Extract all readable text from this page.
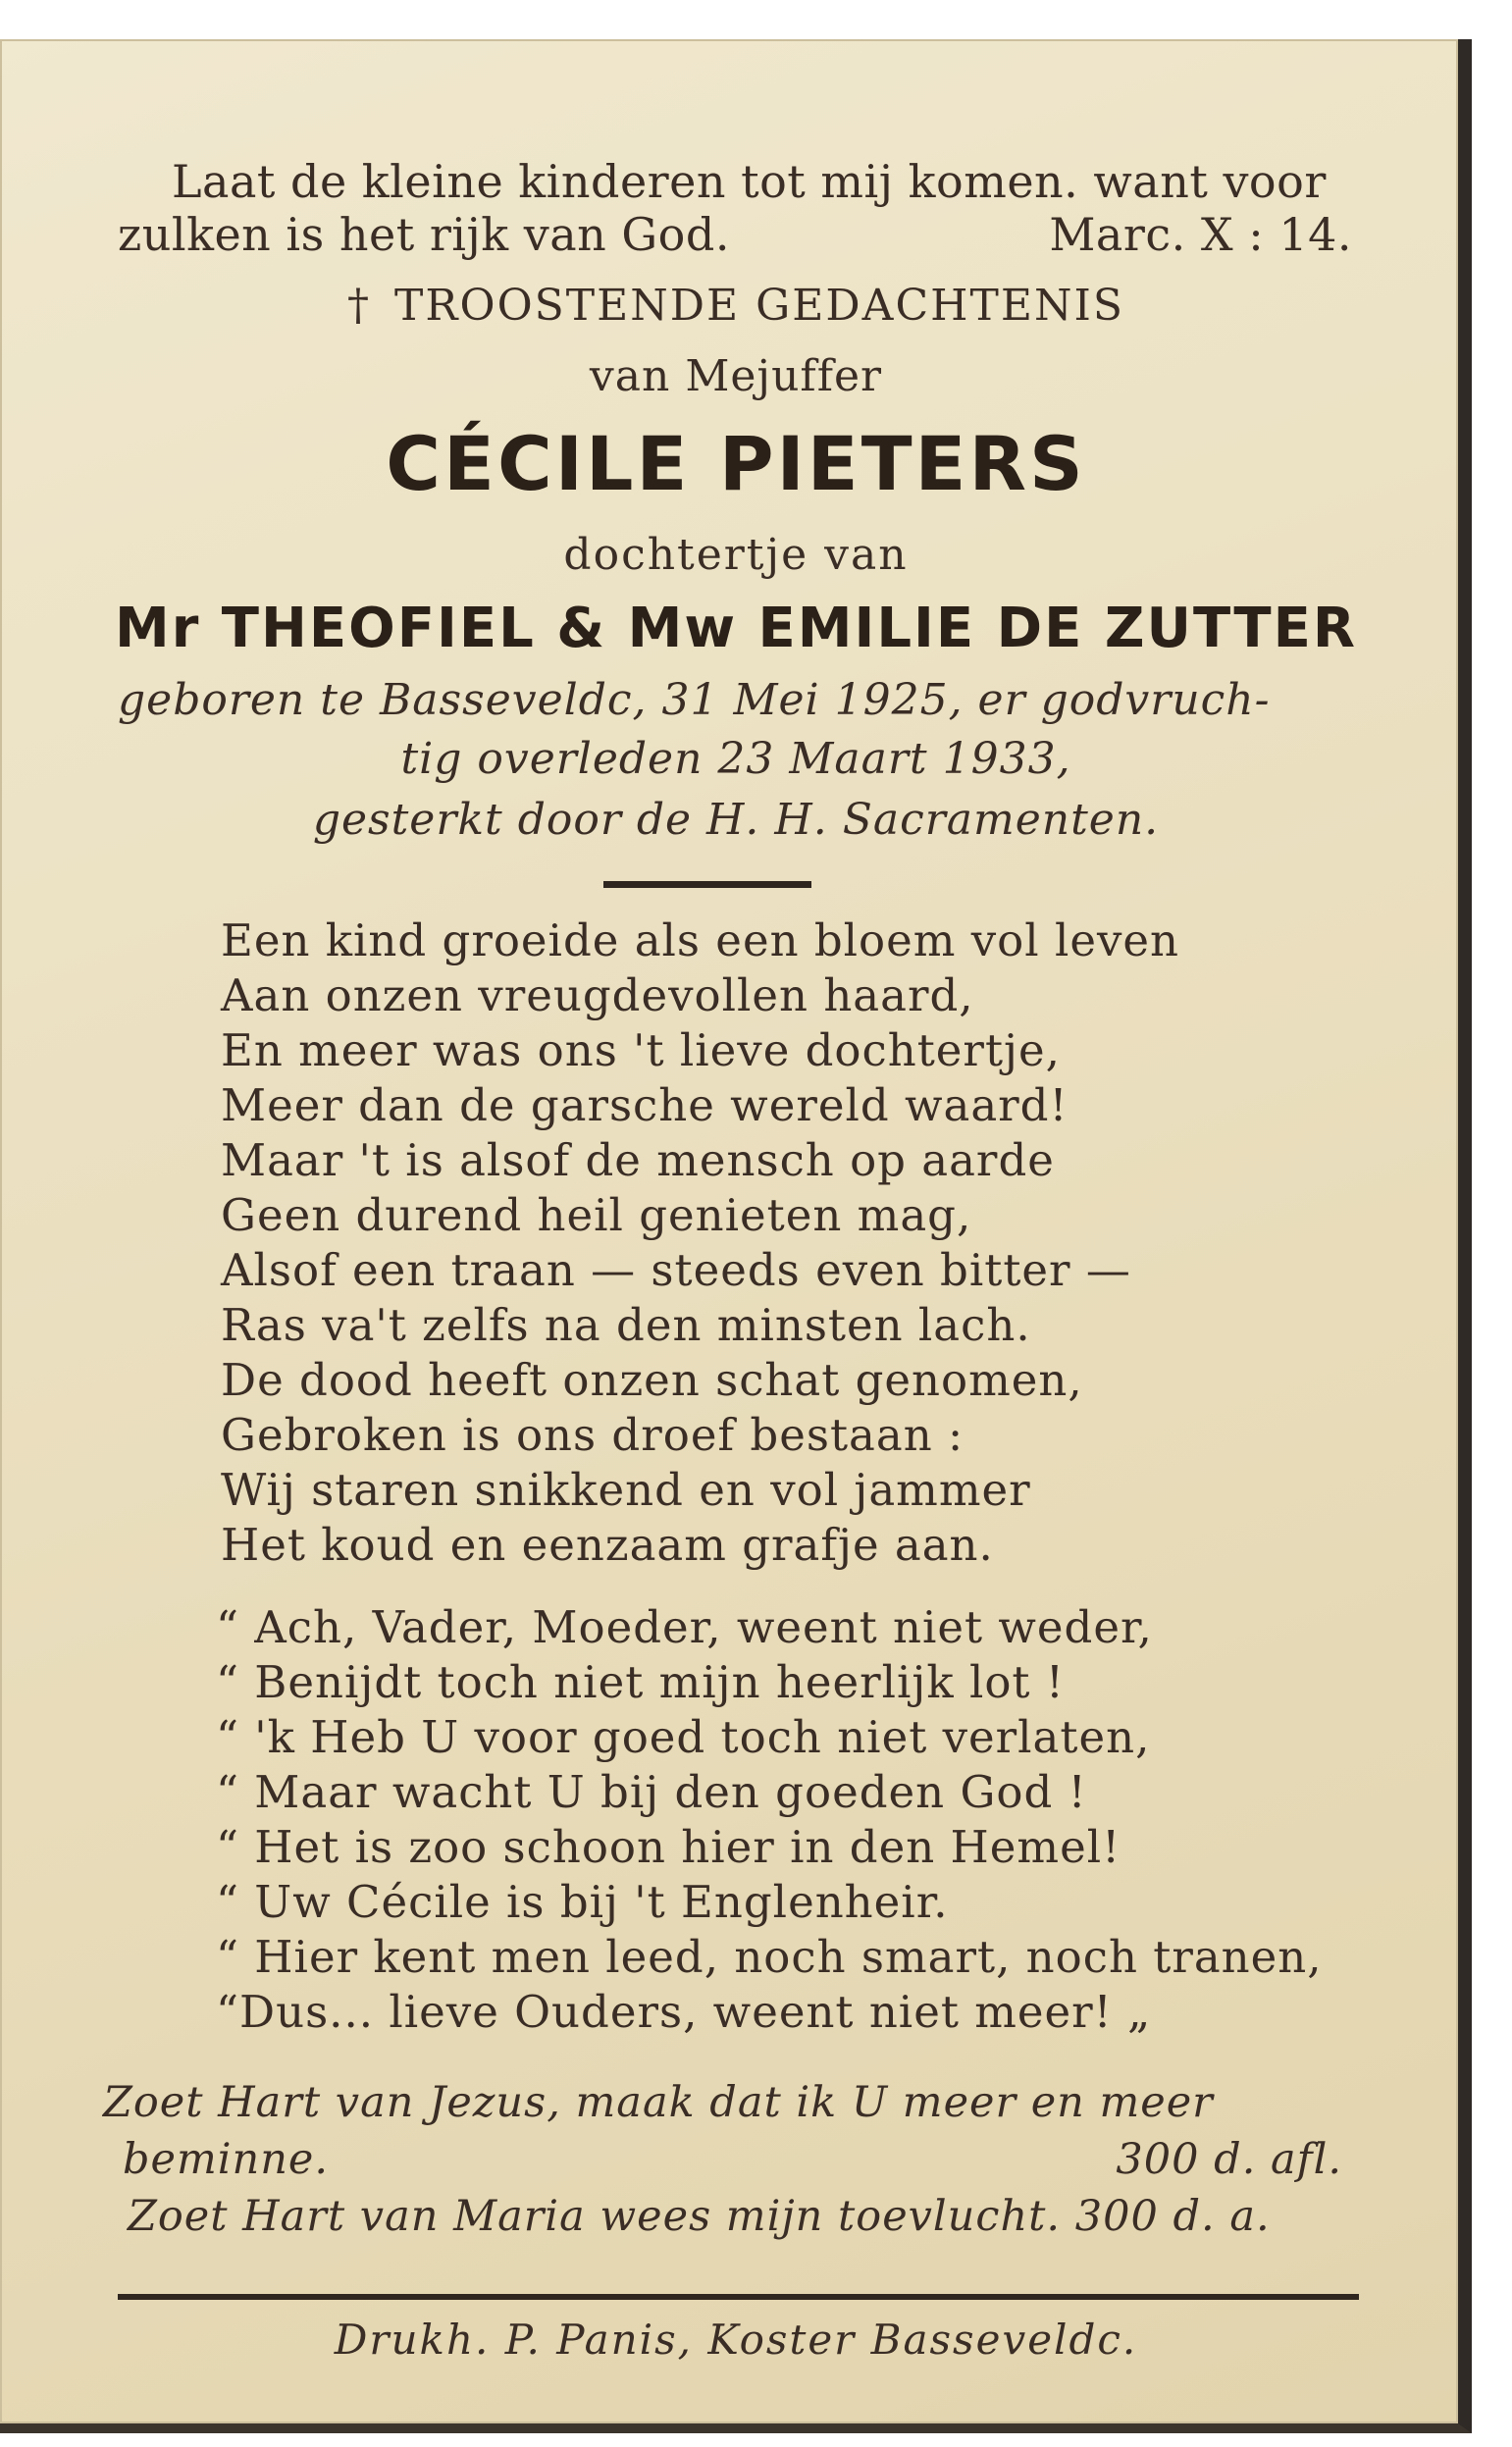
Laat de kleine kinderen tot mij komen. want voor

zulken is het rijk van God.	Marc. X : 14.

† TROOSTENDE GEDACHTENIS

van Mejuffer

CÉCILE PIETERS

dochtertje van

Mr THEOFIEL & Mw EMILIE DE ZUTTER

geboren te Basseveldc, 31 Mei 1925, er godvruch-

tig overleden 23 Maart 1933,

gesterkt door de H. H. Sacramenten.

Een kind groeide als een bloem vol leven

Aan onzen vreugdevollen haard,

En meer was ons 't lieve dochtertje,

Meer dan de garsche wereld waard!

Maar 't is alsof de mensch op aarde

Geen durend heil genieten mag,

Alsof een traan — steeds even bitter —

Ras va't zelfs na den minsten lach.

De dood heeft onzen schat genomen,

Gebroken is ons droef bestaan :

Wij staren snikkend en vol jammer

Het koud en eenzaam grafje aan.

“ Ach, Vader, Moeder, weent niet weder,

“ Benijdt toch niet mijn heerlijk lot !

“ 'k Heb U voor goed toch niet verlaten,

“ Maar wacht U bij den goeden God !

“ Het is zoo schoon hier in den Hemel!

“ Uw Cécile is bij 't Englenheir.

“ Hier kent men leed, noch smart, noch tranen,

“Dus... lieve Ouders, weent niet meer! „

Zoet Hart van Jezus, maak dat ik U meer en meer

beminne.	300 d. afl.

Zoet Hart van Maria wees mijn toevlucht. 300 d. a.

Drukh. P. Panis, Koster Basseveldc.
